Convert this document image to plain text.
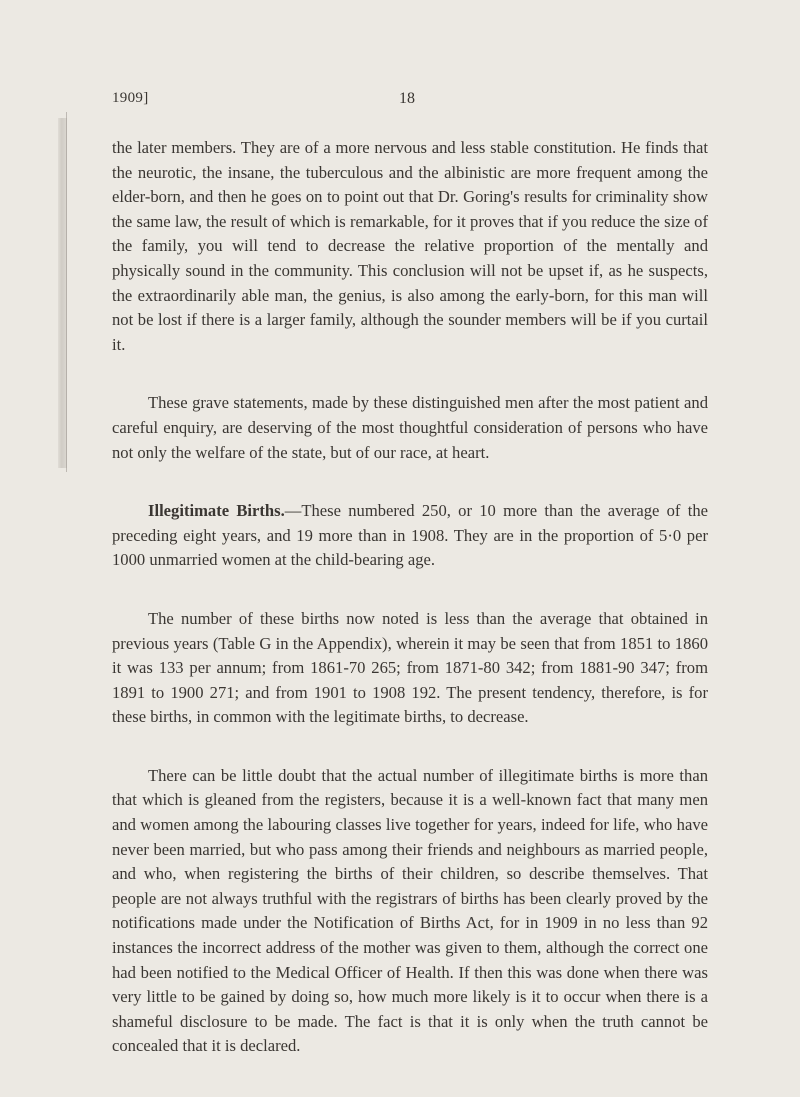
1909]	18

the later members. They are of a more nervous and less stable constitution. He finds that the neurotic, the insane, the tuberculous and the albinistic are more frequent among the elder-born, and then he goes on to point out that Dr. Goring's results for criminality show the same law, the result of which is remarkable, for it proves that if you reduce the size of the family, you will tend to decrease the relative proportion of the mentally and physically sound in the community. This conclusion will not be upset if, as he suspects, the extraordinarily able man, the genius, is also among the early-born, for this man will not be lost if there is a larger family, although the sounder members will be if you curtail it.

These grave statements, made by these distinguished men after the most patient and careful enquiry, are deserving of the most thoughtful consideration of persons who have not only the welfare of the state, but of our race, at heart.

Illegitimate Births.—These numbered 250, or 10 more than the average of the preceding eight years, and 19 more than in 1908. They are in the proportion of 5·0 per 1000 unmarried women at the child-bearing age.

The number of these births now noted is less than the average that obtained in previous years (Table G in the Appendix), wherein it may be seen that from 1851 to 1860 it was 133 per annum; from 1861-70 265; from 1871-80 342; from 1881-90 347; from 1891 to 1900 271; and from 1901 to 1908 192. The present tendency, therefore, is for these births, in common with the legitimate births, to decrease.

There can be little doubt that the actual number of illegitimate births is more than that which is gleaned from the registers, because it is a well-known fact that many men and women among the labouring classes live together for years, indeed for life, who have never been married, but who pass among their friends and neighbours as married people, and who, when registering the births of their children, so describe themselves. That people are not always truthful with the registrars of births has been clearly proved by the notifications made under the Notification of Births Act, for in 1909 in no less than 92 instances the incorrect address of the mother was given to them, although the correct one had been notified to the Medical Officer of Health. If then this was done when there was very little to be gained by doing so, how much more likely is it to occur when there is a shameful disclosure to be made. The fact is that it is only when the truth cannot be concealed that it is declared.
